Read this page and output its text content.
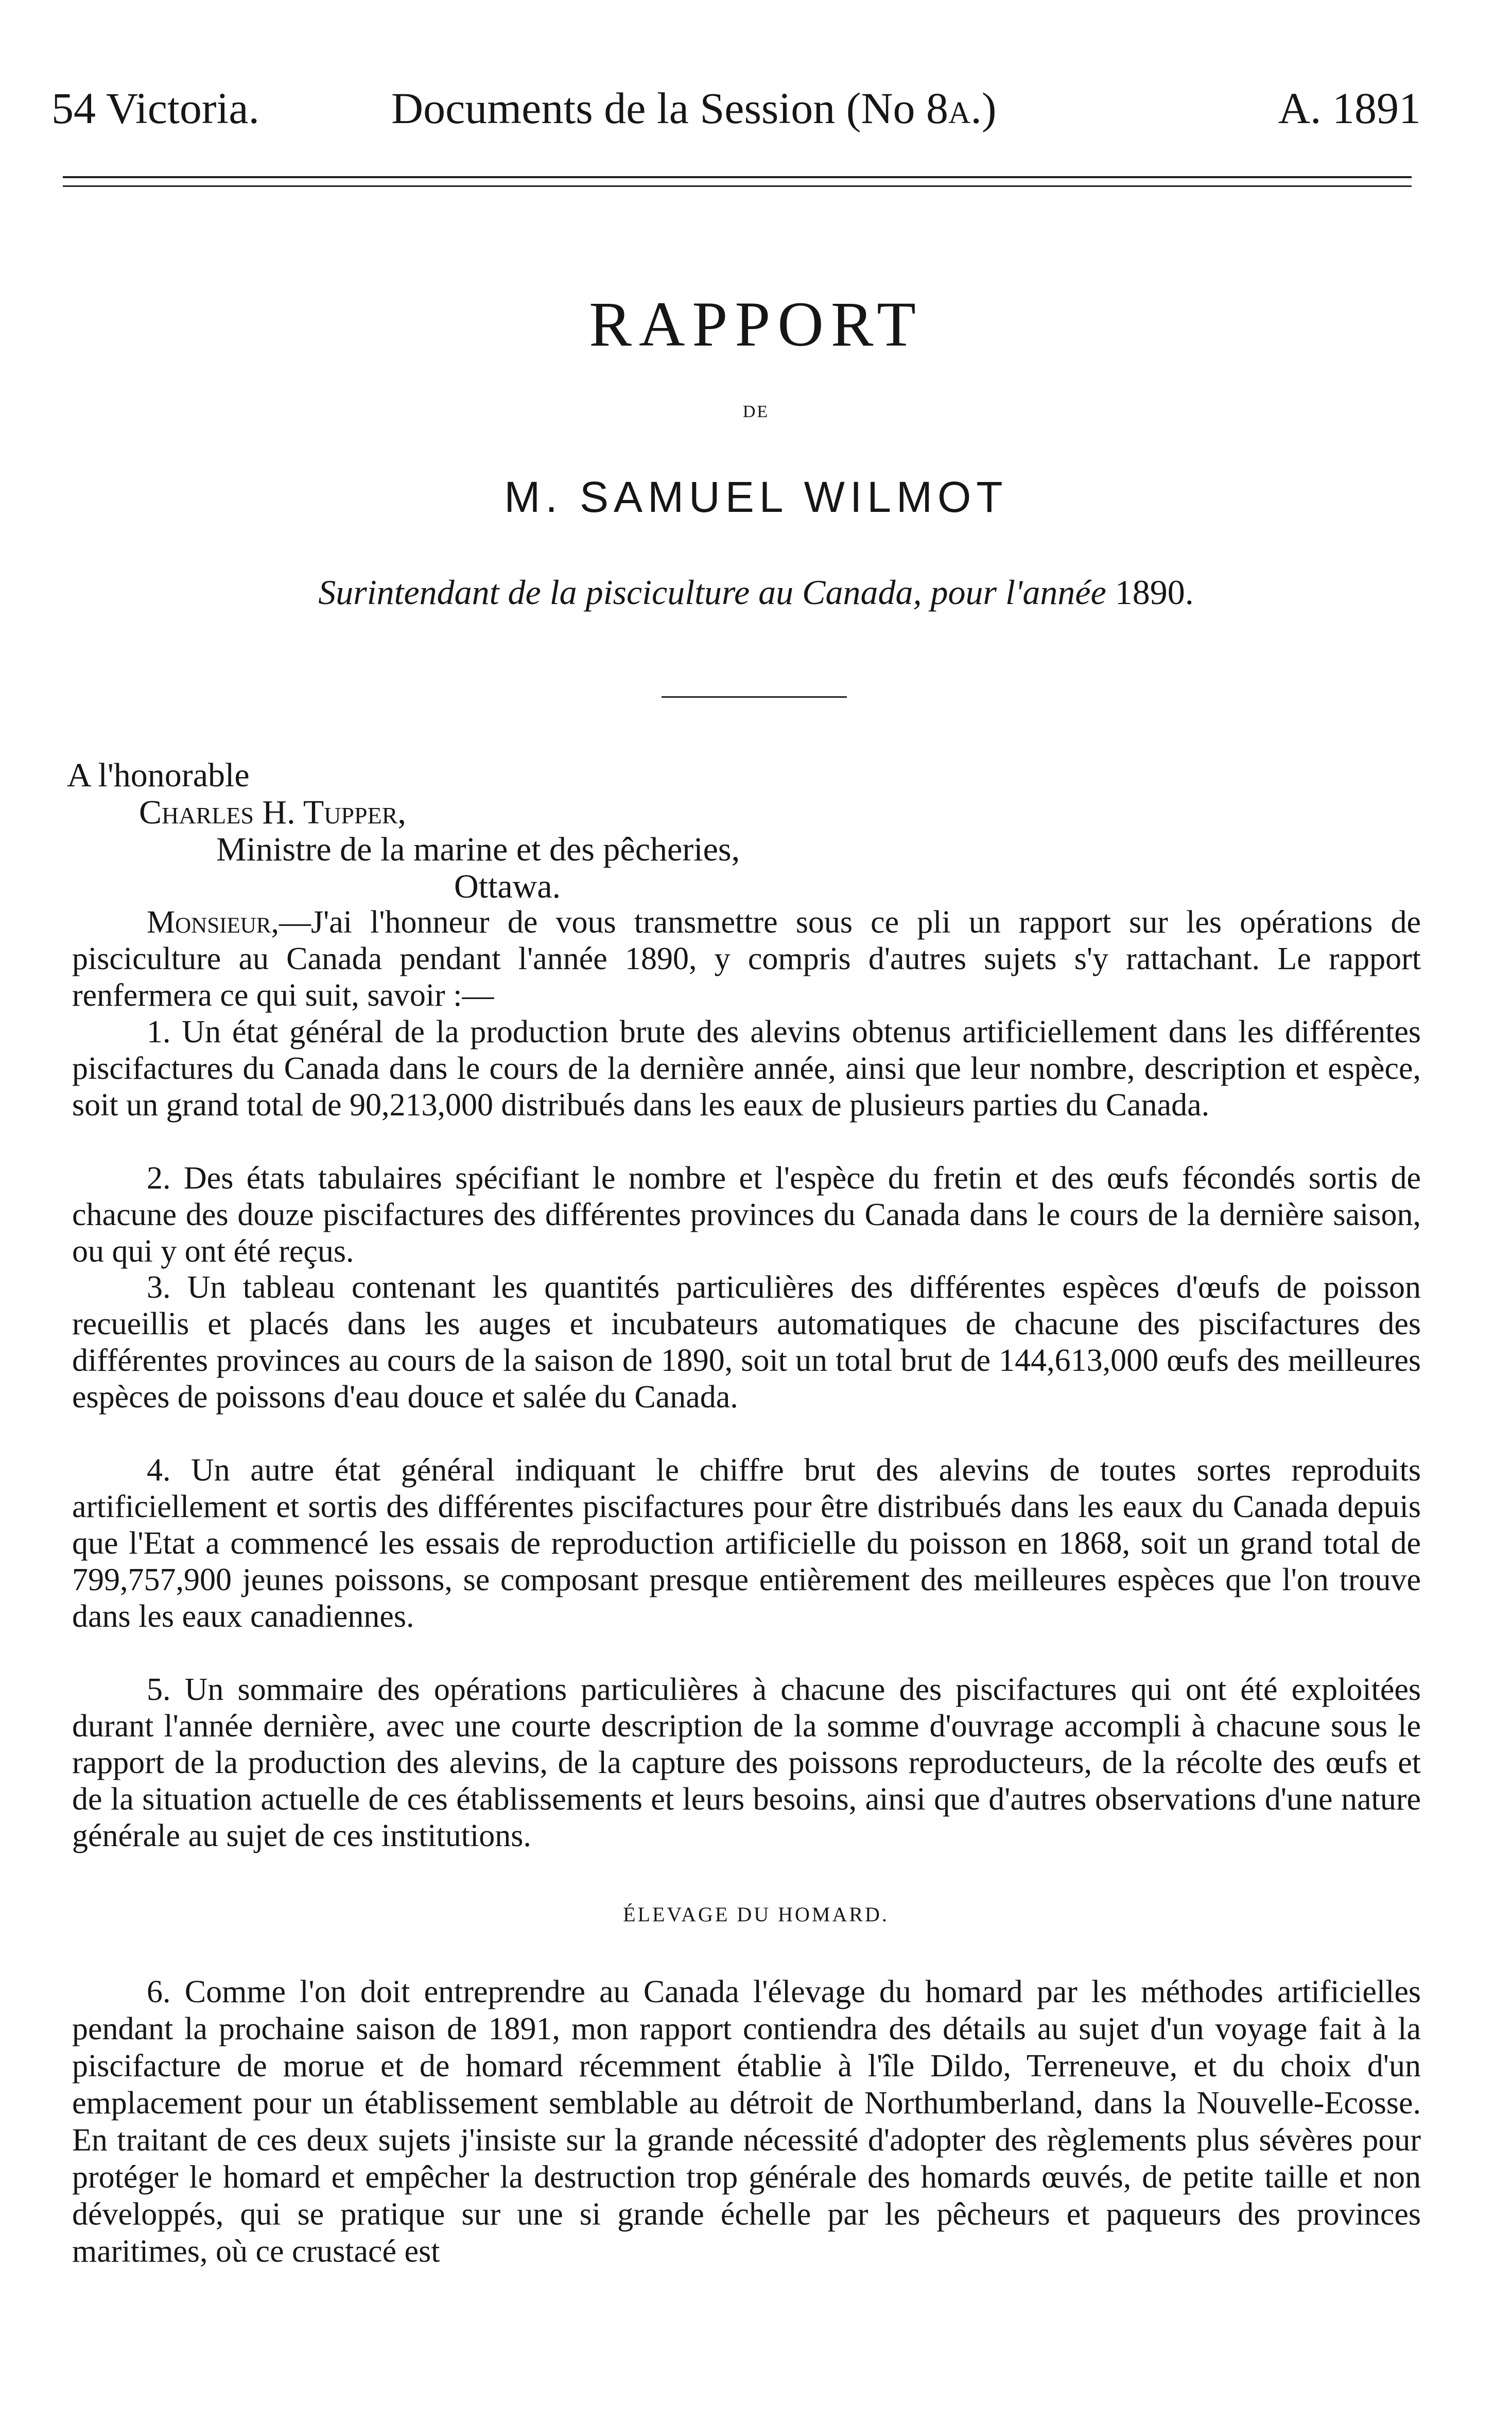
54 Victoria.	Documents de la Session (No 8a.)	A. 1891
RAPPORT
DE
M. SAMUEL WILMOT
Surintendant de la pisciculture au Canada, pour l'année 1890.
A l'honorable
Charles H. Tupper,
Ministre de la marine et des pêcheries,
Ottawa.
Monsieur,—J'ai l'honneur de vous transmettre sous ce pli un rapport sur les opérations de pisciculture au Canada pendant l'année 1890, y compris d'autres sujets s'y rattachant. Le rapport renfermera ce qui suit, savoir :—
1. Un état général de la production brute des alevins obtenus artificiellement dans les différentes piscifactures du Canada dans le cours de la dernière année, ainsi que leur nombre, description et espèce, soit un grand total de 90,213,000 distribués dans les eaux de plusieurs parties du Canada.
2. Des états tabulaires spécifiant le nombre et l'espèce du fretin et des œufs fécondés sortis de chacune des douze piscifactures des différentes provinces du Canada dans le cours de la dernière saison, ou qui y ont été reçus.
3. Un tableau contenant les quantités particulières des différentes espèces d'œufs de poisson recueillis et placés dans les auges et incubateurs automatiques de chacune des piscifactures des différentes provinces au cours de la saison de 1890, soit un total brut de 144,613,000 œufs des meilleures espèces de poissons d'eau douce et salée du Canada.
4. Un autre état général indiquant le chiffre brut des alevins de toutes sortes reproduits artificiellement et sortis des différentes piscifactures pour être distribués dans les eaux du Canada depuis que l'Etat a commencé les essais de reproduction artificielle du poisson en 1868, soit un grand total de 799,757,900 jeunes poissons, se composant presque entièrement des meilleures espèces que l'on trouve dans les eaux canadiennes.
5. Un sommaire des opérations particulières à chacune des piscifactures qui ont été exploitées durant l'année dernière, avec une courte description de la somme d'ouvrage accompli à chacune sous le rapport de la production des alevins, de la capture des poissons reproducteurs, de la récolte des œufs et de la situation actuelle de ces établissements et leurs besoins, ainsi que d'autres observations d'une nature générale au sujet de ces institutions.
ÉLEVAGE DU HOMARD.
6. Comme l'on doit entreprendre au Canada l'élevage du homard par les méthodes artificielles pendant la prochaine saison de 1891, mon rapport contiendra des détails au sujet d'un voyage fait à la piscifacture de morue et de homard récemment établie à l'île Dildo, Terreneuve, et du choix d'un emplacement pour un établissement semblable au détroit de Northumberland, dans la Nouvelle-Ecosse. En traitant de ces deux sujets j'insiste sur la grande nécessité d'adopter des règlements plus sévères pour protéger le homard et empêcher la destruction trop générale des homards œuvés, de petite taille et non développés, qui se pratique sur une si grande échelle par les pêcheurs et paqueurs des provinces maritimes, où ce crustacé est
